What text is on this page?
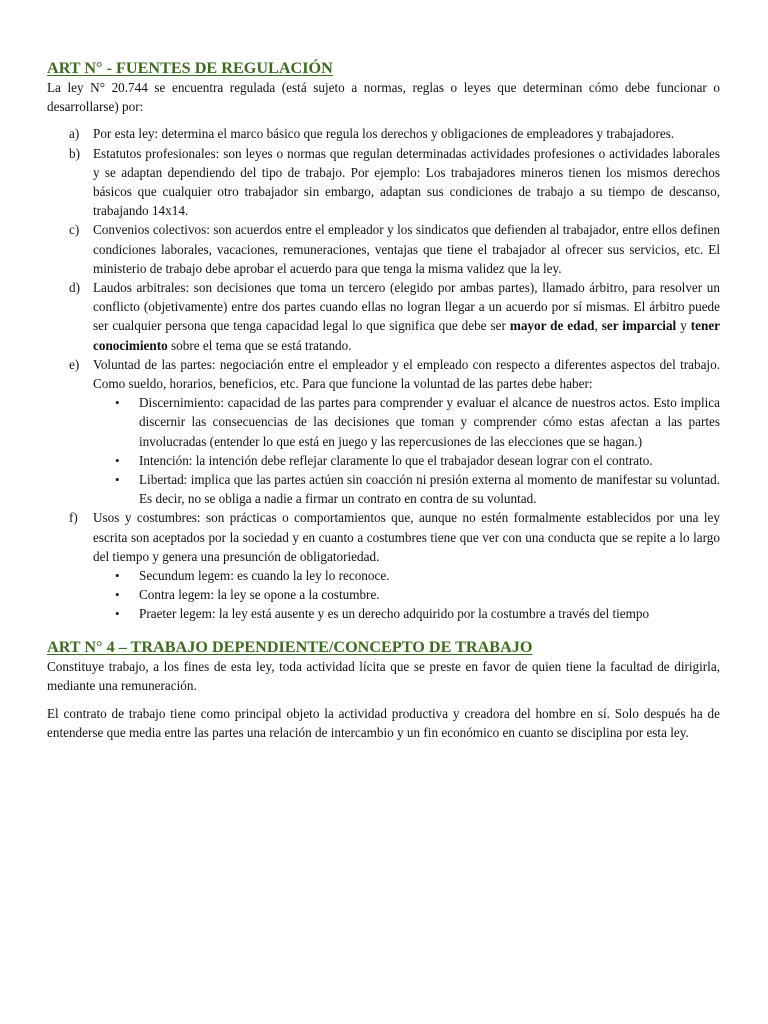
ART N° - FUENTES DE REGULACIÓN

La ley N° 20.744 se encuentra regulada (está sujeto a normas, reglas o leyes que determinan cómo debe funcionar o desarrollarse) por:

a) Por esta ley: determina el marco básico que regula los derechos y obligaciones de empleadores y trabajadores.
b) Estatutos profesionales: son leyes o normas que regulan determinadas actividades profesiones o actividades laborales y se adaptan dependiendo del tipo de trabajo. Por ejemplo: Los trabajadores mineros tienen los mismos derechos básicos que cualquier otro trabajador sin embargo, adaptan sus condiciones de trabajo a su tiempo de descanso, trabajando 14x14.
c) Convenios colectivos: son acuerdos entre el empleador y los sindicatos que defienden al trabajador, entre ellos definen condiciones laborales, vacaciones, remuneraciones, ventajas que tiene el trabajador al ofrecer sus servicios, etc. El ministerio de trabajo debe aprobar el acuerdo para que tenga la misma validez que la ley.
d) Laudos arbitrales: son decisiones que toma un tercero (elegido por ambas partes), llamado árbitro, para resolver un conflicto (objetivamente) entre dos partes cuando ellas no logran llegar a un acuerdo por sí mismas. El árbitro puede ser cualquier persona que tenga capacidad legal lo que significa que debe ser mayor de edad, ser imparcial y tener conocimiento sobre el tema que se está tratando.
e) Voluntad de las partes: negociación entre el empleador y el empleado con respecto a diferentes aspectos del trabajo. Como sueldo, horarios, beneficios, etc. Para que funcione la voluntad de las partes debe haber:
• Discernimiento: capacidad de las partes para comprender y evaluar el alcance de nuestros actos. Esto implica discernir las consecuencias de las decisiones que toman y comprender cómo estas afectan a las partes involucradas (entender lo que está en juego y las repercusiones de las elecciones que se hagan.)
• Intención: la intención debe reflejar claramente lo que el trabajador desean lograr con el contrato.
• Libertad: implica que las partes actúen sin coacción ni presión externa al momento de manifestar su voluntad. Es decir, no se obliga a nadie a firmar un contrato en contra de su voluntad.
f) Usos y costumbres: son prácticas o comportamientos que, aunque no estén formalmente establecidos por una ley escrita son aceptados por la sociedad y en cuanto a costumbres tiene que ver con una conducta que se repite a lo largo del tiempo y genera una presunción de obligatoriedad.
• Secundum legem: es cuando la ley lo reconoce.
• Contra legem: la ley se opone a la costumbre.
• Praeter legem: la ley está ausente y es un derecho adquirido por la costumbre a través del tiempo
ART N° 4 – TRABAJO DEPENDIENTE/CONCEPTO DE TRABAJO

Constituye trabajo, a los fines de esta ley, toda actividad lícita que se preste en favor de quien tiene la facultad de dirigirla, mediante una remuneración.

El contrato de trabajo tiene como principal objeto la actividad productiva y creadora del hombre en sí. Solo después ha de entenderse que media entre las partes una relación de intercambio y un fin económico en cuanto se disciplina por esta ley.
